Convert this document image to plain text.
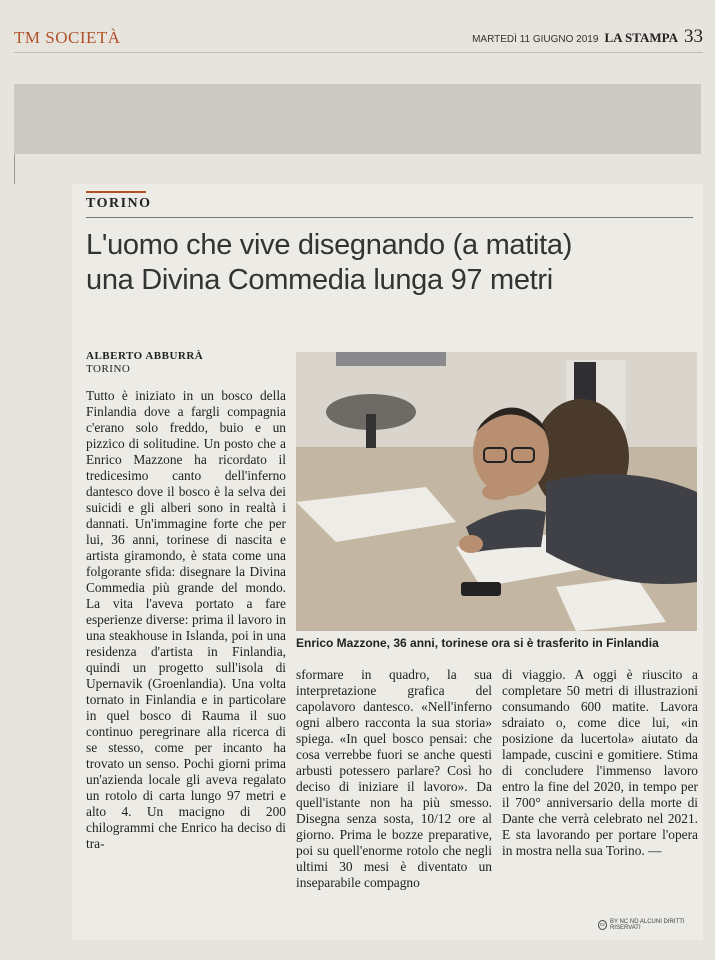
TM SOCIETÀ	MARTEDÌ 11 GIUGNO 2019 LA STAMPA 33
TORINO
L'uomo che vive disegnando (a matita)
una Divina Commedia lunga 97 metri
ALBERTO ABBURRÀ
TORINO
Enrico Mazzone, 36 anni, torinese ora si è trasferito in Finlandia
Tutto è iniziato in un bosco della Finlandia dove a fargli compagnia c'erano solo freddo, buio e un pizzico di solitudine. Un posto che a Enrico Mazzone ha ricordato il tredicesimo canto dell'inferno dantesco dove il bosco è la selva dei suicidi e gli alberi sono in realtà i dannati. Un'immagine forte che per lui, 36 anni, torinese di nascita e artista giramondo, è stata come una folgorante sfida: disegnare la Divina Commedia più grande del mondo. La vita l'aveva portato a fare esperienze diverse: prima il lavoro in una steakhouse in Islanda, poi in una residenza d'artista in Finlandia, quindi un progetto sull'isola di Upernavik (Groenlandia). Una volta tornato in Finlandia e in particolare in quel bosco di Rauma il suo continuo peregrinare alla ricerca di se stesso, come per incanto ha trovato un senso. Pochi giorni prima un'azienda locale gli aveva regalato un rotolo di carta lungo 97 metri e alto 4. Un macigno di 200 chilogrammi che Enrico ha deciso di tra-
sformare in quadro, la sua interpretazione grafica del capolavoro dantesco. «Nell'inferno ogni albero racconta la sua storia» spiega. «In quel bosco pensai: che cosa verrebbe fuori se anche questi arbusti potessero parlare? Così ho deciso di iniziare il lavoro». Da quell'istante non ha più smesso. Disegna senza sosta, 10/12 ore al giorno. Prima le bozze preparative, poi su quell'enorme rotolo che negli ultimi 30 mesi è diventato un inseparabile compagno
di viaggio. A oggi è riuscito a completare 50 metri di illustrazioni consumando 600 matite. Lavora sdraiato o, come dice lui, «in posizione da lucertola» aiutato da lampade, cuscini e gomitiere. Stima di concludere l'immenso lavoro entro la fine del 2020, in tempo per il 700° anniversario della morte di Dante che verrà celebrato nel 2021. E sta lavorando per portare l'opera in mostra nella sua Torino. —
cc BY NC ND ALCUNI DIRITTI RISERVATI
